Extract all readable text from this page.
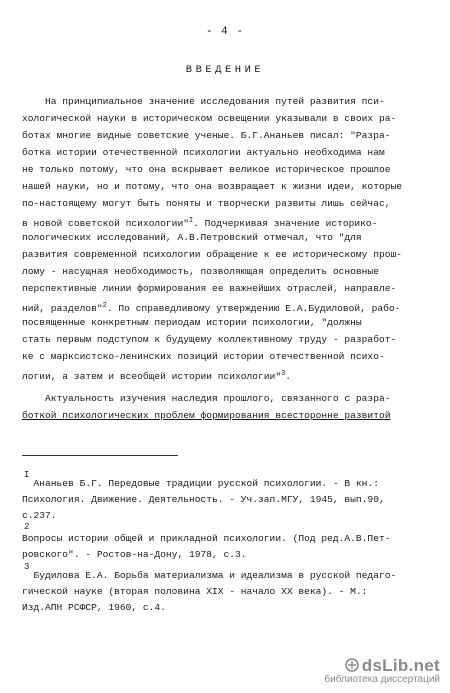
- 4 -
ВВЕДЕНИЕ
На принципиальное значение исследования путей развития пси-
хологической науки в историческом освещении указывали в своих ра-
ботах многие видные советские ученые. Б.Г.Ананьев писал: "Разра-
ботка истории отечественной психологии актуально необходима нам
не только потому, что она вскрывает великое историческое прошлое
нашей науки, но и потому, что она возвращает к жизни идеи, которые
по-настоящему могут быть поняты и творчески развиты лишь сейчас,
в новой советской психологии"$^I$. Подчеркивая значение историко-
пологических исследований, А.В.Петровский отмечал, что "для
развития современной психологии обращение к ее историческому прош-
лому - насущная необходимость, позволяющая определить основные
перспективные линии формирования ее важнейших отраслей, направле-
ний, разделов"$^2$. По справедливому утверждению Е.А.Будиловой, рабо-
посвященные конкретным периодам истории психологии, "должны
стать первым подступом к будущему коллективному труду - разработ-
ке с марксистско-ленинских позиций истории отечественной психо-
логии, а затем и всеобщей истории психологии"$^3$.
Актуальность изучения наследия прошлого, связанного с разра-
боткой психологических проблем формирования всесторонне развитой
I
Ананьев Б.Г. Передовые традиции русской психологии. - В кн.:
Психология. Движение. Деятельность. - Уч.зап.МГУ, 1945, вып.90,
с.237.
2
Вопросы истории общей и прикладной психологии. (Под ред.А.В.Пет-
ровского". - Ростов-на-Дону, 1978, с.3.
3
Будилова Е.А. Борьба материализма и идеализма в русской педаго-
гической науке (вторая половина XIX - начало XX века). - М.:
Изд.АПН РСФСР, 1960, с.4.
dsLib.net
библиотека диссертаций
